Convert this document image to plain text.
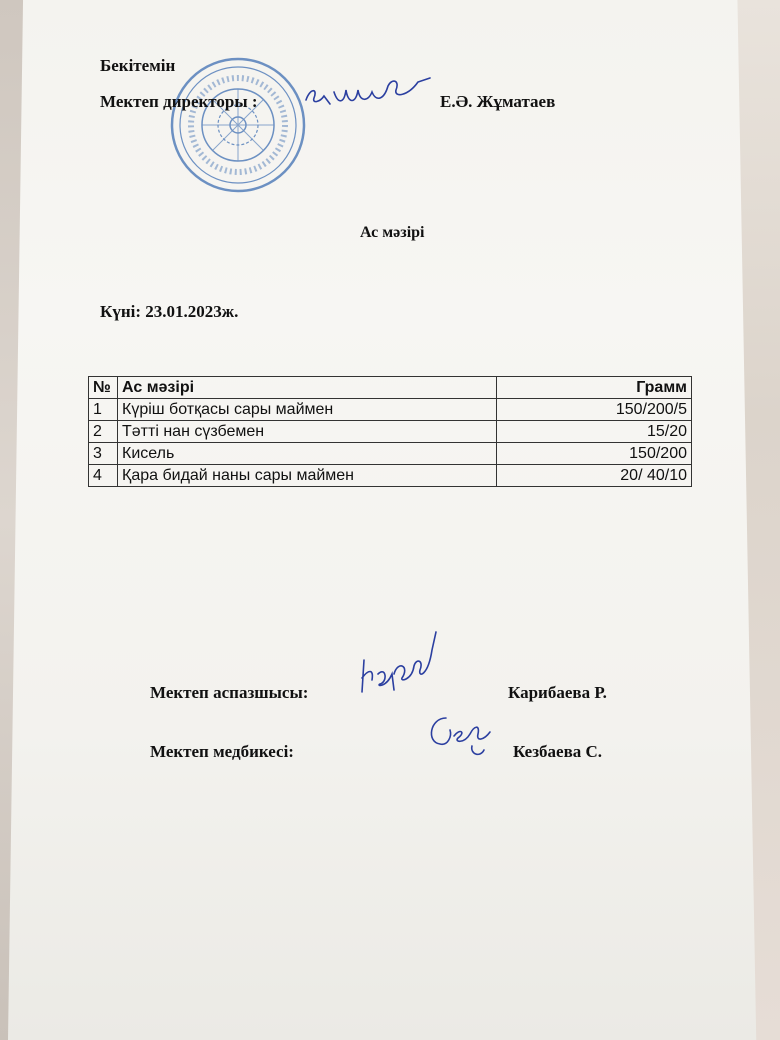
Бекітемін
Мектеп директоры :	Е.Ә. Жұматаев
Ас мәзірі
Күні: 23.01.2023ж.
№	Ас мәзірі	Грамм
1	Күріш ботқасы сары маймен	150/200/5
2	Тәтті нан сүзбемен	15/20
3	Кисель	150/200
4	Қара бидай наны сары маймен	20/ 40/10
Мектеп аспазшысы:	Карибаева Р.
Мектеп медбикесі:	Кезбаева С.
